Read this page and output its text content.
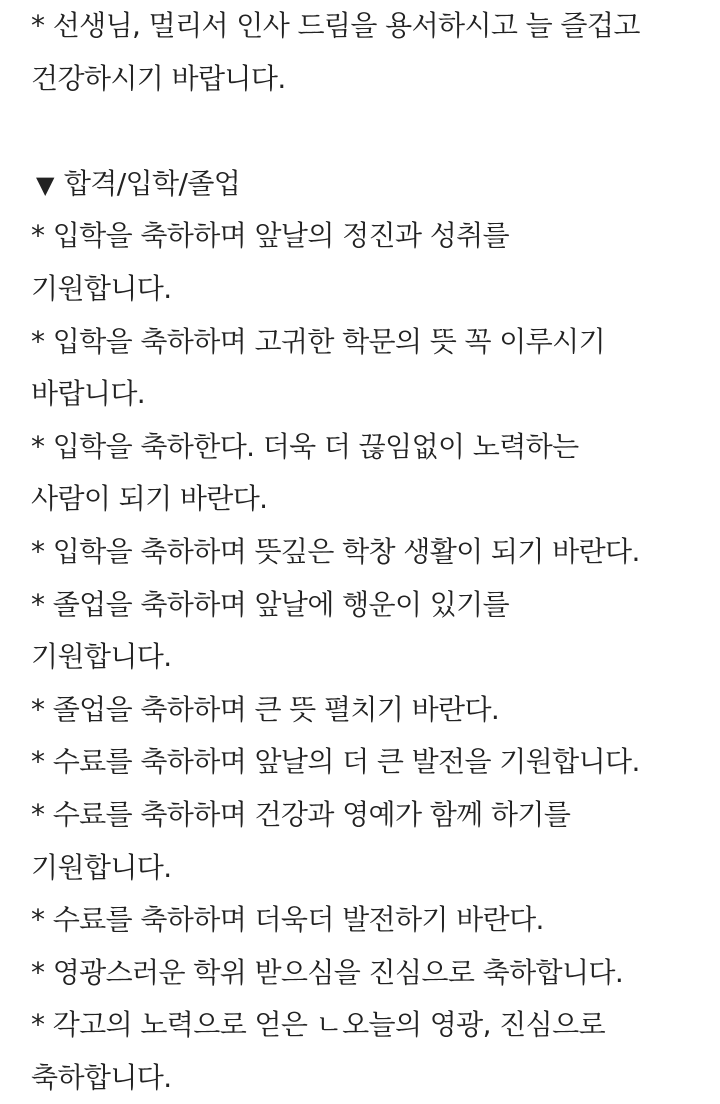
* 선생님, 멀리서 인사 드림을 용서하시고 늘 즐겁고
건강하시기 바랍니다.
▼ 합격/입학/졸업
* 입학을 축하하며 앞날의 정진과 성취를
기원합니다.
* 입학을 축하하며 고귀한 학문의 뜻 꼭 이루시기
바랍니다.
* 입학을 축하한다. 더욱 더 끊임없이 노력하는
사람이 되기 바란다.
* 입학을 축하하며 뜻깊은 학창 생활이 되기 바란다.
* 졸업을 축하하며 앞날에 행운이 있기를
기원합니다.
* 졸업을 축하하며 큰 뜻 펼치기 바란다.
* 수료를 축하하며 앞날의 더 큰 발전을 기원합니다.
* 수료를 축하하며 건강과 영예가 함께 하기를
기원합니다.
* 수료를 축하하며 더욱더 발전하기 바란다.
* 영광스러운 학위 받으심을 진심으로 축하합니다.
* 각고의 노력으로 얻은 ㄴ오늘의 영광, 진심으로
축하합니다.
